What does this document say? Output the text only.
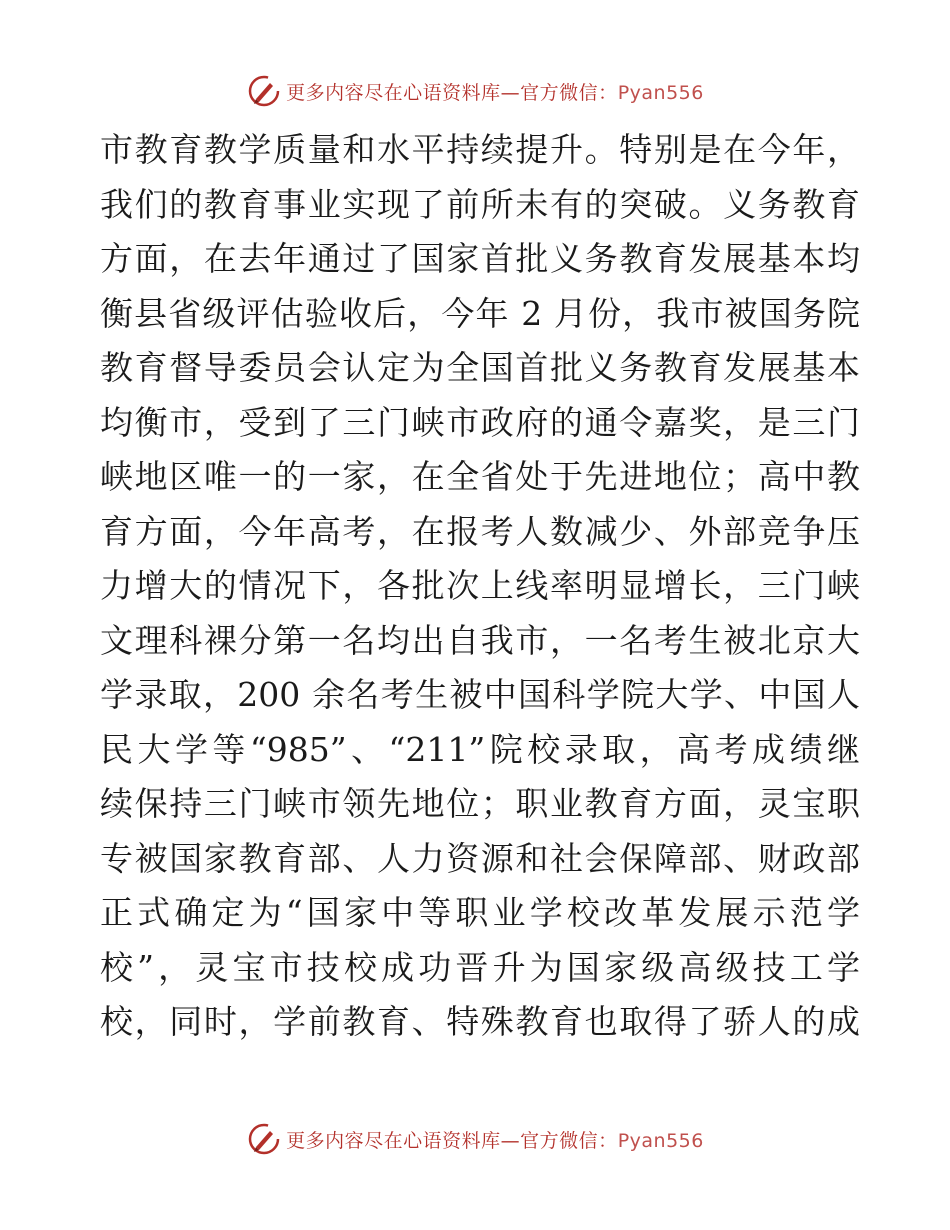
更多内容尽在心语资料库—官方微信：Pyan556
市教育教学质量和水平持续提升。特别是在今年，
我们的教育事业实现了前所未有的突破。义务教育
方面，在去年通过了国家首批义务教育发展基本均
衡县省级评估验收后，今年 2 月份，我市被国务院
教育督导委员会认定为全国首批义务教育发展基本
均衡市，受到了三门峡市政府的通令嘉奖，是三门
峡地区唯一的一家，在全省处于先进地位；高中教
育方面，今年高考，在报考人数减少、外部竞争压
力增大的情况下，各批次上线率明显增长，三门峡
文理科裸分第一名均出自我市，一名考生被北京大
学录取，200 余名考生被中国科学院大学、中国人
民大学等“985”、“211”院校录取，高考成绩继
续保持三门峡市领先地位；职业教育方面，灵宝职
专被国家教育部、人力资源和社会保障部、财政部
正式确定为“国家中等职业学校改革发展示范学
校”，灵宝市技校成功晋升为国家级高级技工学
校，同时，学前教育、特殊教育也取得了骄人的成
更多内容尽在心语资料库—官方微信：Pyan556
